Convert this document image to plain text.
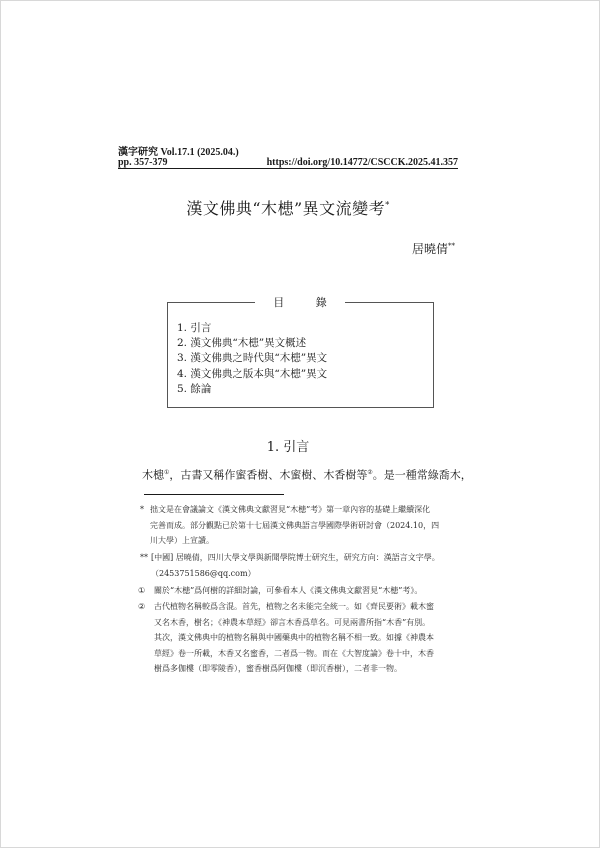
漢字研究 Vol.17.1 (2025.04.)
pp. 357-379	https://doi.org/10.14772/CSCCK.2025.41.357
漢文佛典“木槵”異文流變考*
居曉倩**
目 錄
1. 引言
2. 漢文佛典“木槵”異文概述
3. 漢文佛典之時代與“木槵”異文
4. 漢文佛典之版本與“木槵”異文
5. 餘論
1. 引言
木槵①，古書又稱作蜜香樹、木蜜樹、木香樹等②。是一種常綠喬木，
* 拙文是在會議論文《漢文佛典文獻習見“木槵”考》第一章內容的基礎上繼續深化
完善而成。部分觀點已於第十七屆漢文佛典語言學國際學術研討會（2024.10，四
川大學）上宣讀。
** [中國] 居曉倩，四川大學文學與新聞學院博士研究生，研究方向：漢語言文字學。
（2453751586@qq.com）
①	關於“木槵”爲何樹的詳細討論，可參看本人《漢文佛典文獻習見“木槵”考》。
②	古代植物名稱較爲含混。首先，植物之名未能完全統一。如《齊民要術》載木蜜
又名木香，樹名；《神農本草經》卻言木香爲草名。可見兩書所指“木香”有別。
其次，漢文佛典中的植物名稱與中國藥典中的植物名稱不相一致。如據《神農本
草經》卷一所載，木香又名蜜香，二者爲一物。而在《大智度論》卷十中，木香
樹爲多伽樓（即零陵香），蜜香樹爲阿伽樓（即沉香樹），二者非一物。
